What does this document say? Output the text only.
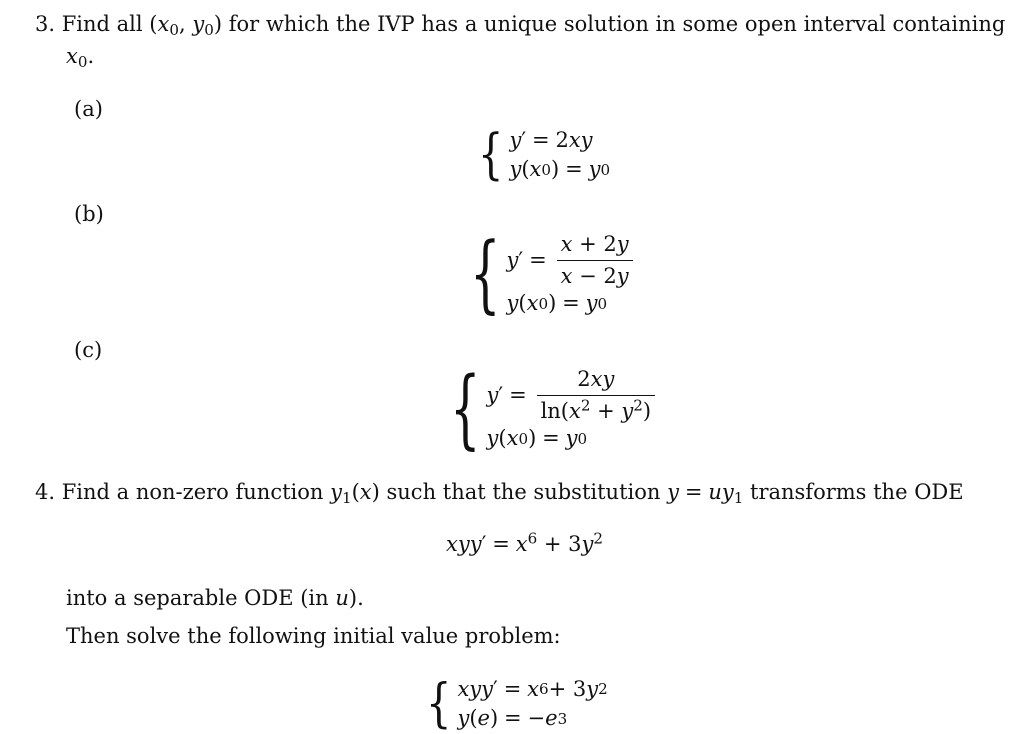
3. Find all ($x_0$, $y_0$) for which the IVP has a unique solution in some open interval containing
$x_0$.
(a)
{ y ′ = 2 xy
y ( x 0 ) = y 0
(b)
{ y ′ = $\frac{x + 2y}{x - 2y}$
y ( x 0 ) = y 0
(c)
{ y ′ = $\frac{2xy}{\ln(x^2 + y^2)}$
y ( x 0 ) = y 0
4. Find a non-zero function $y_1(x)$ such that the substitution $y = uy_1$ transforms the ODE
$xyy' = x^6 + 3y^2$
into a separable ODE (in u).
Then solve the following initial value problem:
{ xyy ′ = x 6 + 3 y 2
y ( e ) = − e 3
